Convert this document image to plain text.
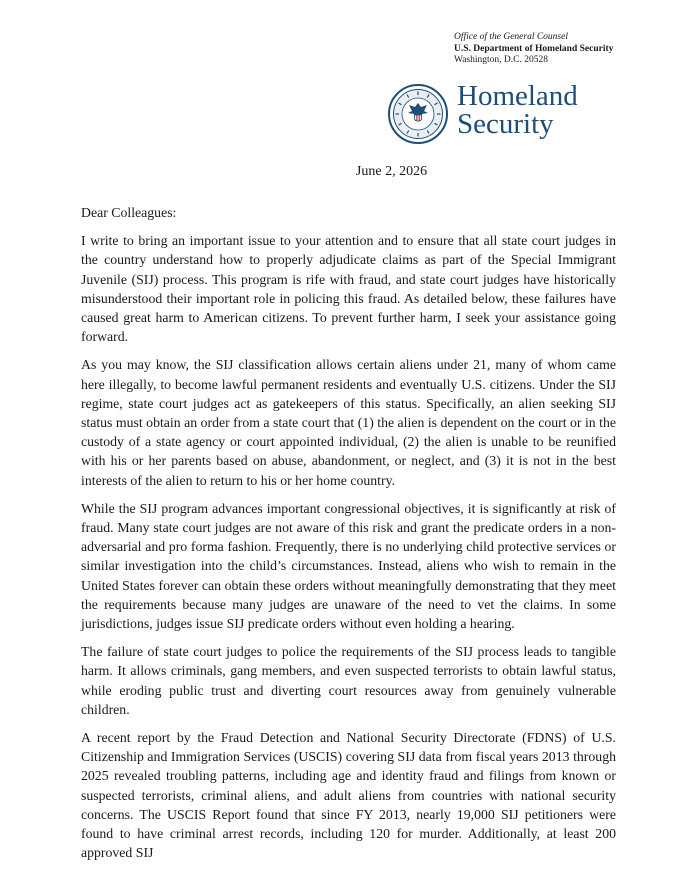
Office of the General Counsel
U.S. Department of Homeland Security
Washington, D.C. 20528
Homeland
Security
June 2, 2026

Dear Colleagues:

I write to bring an important issue to your attention and to ensure that all state court judges in the country understand how to properly adjudicate claims as part of the Special Immigrant Juvenile (SIJ) process. This program is rife with fraud, and state court judges have historically misunderstood their important role in policing this fraud. As detailed below, these failures have caused great harm to American citizens. To prevent further harm, I seek your assistance going forward.

As you may know, the SIJ classification allows certain aliens under 21, many of whom came here illegally, to become lawful permanent residents and eventually U.S. citizens. Under the SIJ regime, state court judges act as gatekeepers of this status. Specifically, an alien seeking SIJ status must obtain an order from a state court that (1) the alien is dependent on the court or in the custody of a state agency or court appointed individual, (2) the alien is unable to be reunified with his or her parents based on abuse, abandonment, or neglect, and (3) it is not in the best interests of the alien to return to his or her home country.

While the SIJ program advances important congressional objectives, it is significantly at risk of fraud. Many state court judges are not aware of this risk and grant the predicate orders in a non-adversarial and pro forma fashion. Frequently, there is no underlying child protective services or similar investigation into the child’s circumstances. Instead, aliens who wish to remain in the United States forever can obtain these orders without meaningfully demonstrating that they meet the requirements because many judges are unaware of the need to vet the claims. In some jurisdictions, judges issue SIJ predicate orders without even holding a hearing.

The failure of state court judges to police the requirements of the SIJ process leads to tangible harm. It allows criminals, gang members, and even suspected terrorists to obtain lawful status, while eroding public trust and diverting court resources away from genuinely vulnerable children.

A recent report by the Fraud Detection and National Security Directorate (FDNS) of U.S. Citizenship and Immigration Services (USCIS) covering SIJ data from fiscal years 2013 through 2025 revealed troubling patterns, including age and identity fraud and filings from known or suspected terrorists, criminal aliens, and adult aliens from countries with national security concerns. The USCIS Report found that since FY 2013, nearly 19,000 SIJ petitioners were found to have criminal arrest records, including 120 for murder. Additionally, at least 200 approved SIJ
